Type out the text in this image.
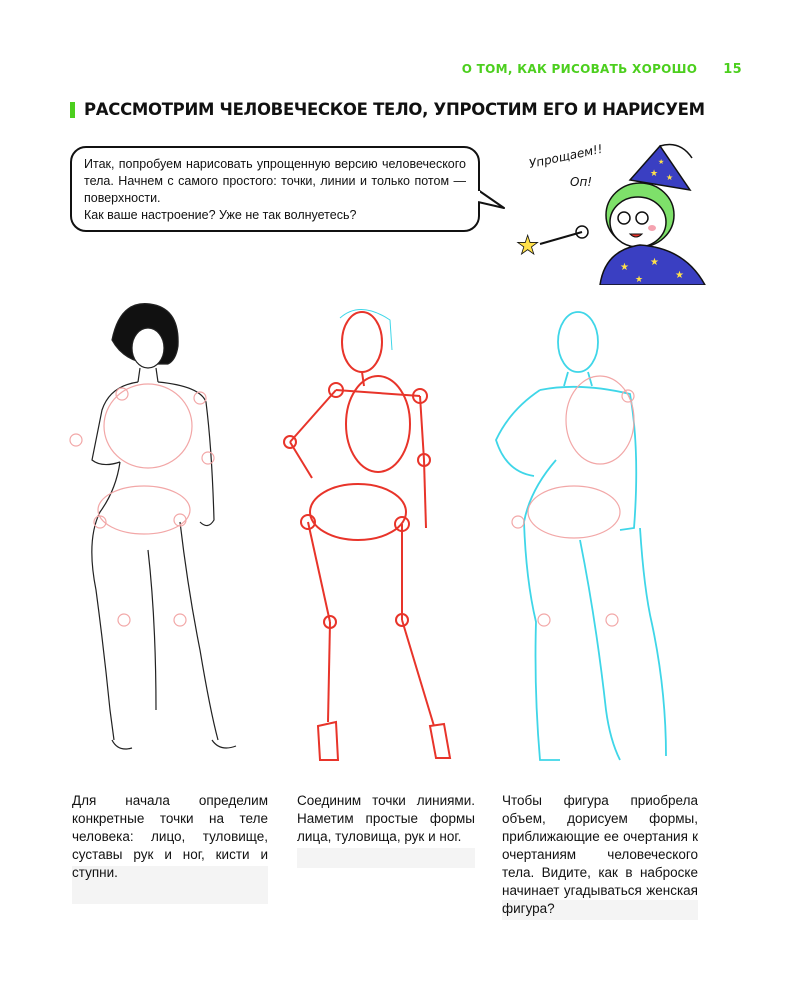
О ТОМ, КАК РИСОВАТЬ ХОРОШО 15
РАССМОТРИМ ЧЕЛОВЕЧЕСКОЕ ТЕЛО, УПРОСТИМ ЕГО И НАРИСУЕМ

Итак, попробуем нарисовать упрощенную версию человеческого тела. Начнем с самого простого: точки, линии и только потом — поверхности.

Как ваше настроение? Уже не так волнуетесь?

Упрощаем!!
Оп!
★ ★
★
★ ★
★
★
★
Для начала определим конкретные точки на теле человека: лицо, туловище, суставы рук и ног, кисти и ступни.
Соединим точки линиями. Наметим простые формы лица, туловища, рук и ног.
Чтобы фигура приобрела объем, дорисуем формы, приближающие ее очертания к очертаниям человеческого тела. Видите, как в наброске начинает угадываться женская фигура?
